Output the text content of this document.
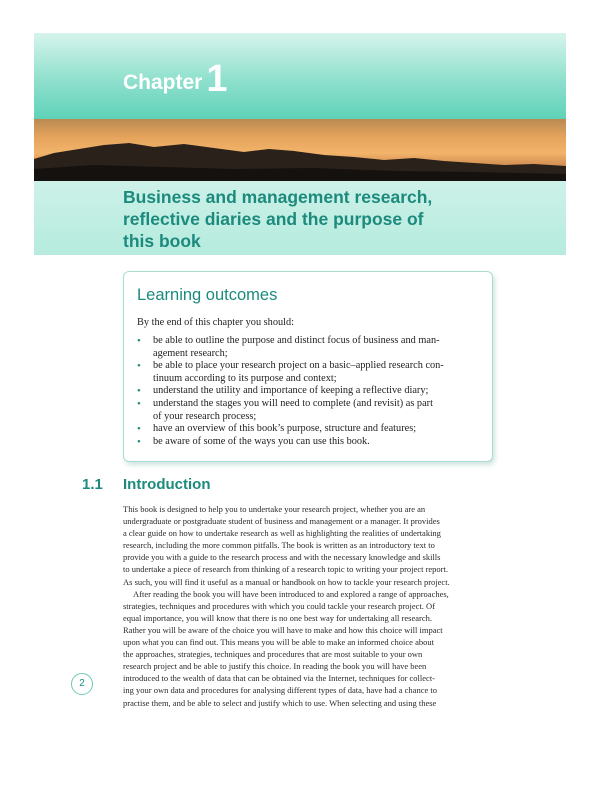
Chapter 1
Business and management research,
reflective diaries and the purpose of
this book
Learning outcomes

By the end of this chapter you should:

• be able to outline the purpose and distinct focus of business and man-
agement research;
• be able to place your research project on a basic–applied research con-
tinuum according to its purpose and context;
• understand the utility and importance of keeping a reflective diary;
• understand the stages you will need to complete (and revisit) as part
of your research process;
• have an overview of this book’s purpose, structure and features;
• be aware of some of the ways you can use this book.
1.1 Introduction
This book is designed to help you to undertake your research project, whether you are an
undergraduate or postgraduate student of business and management or a manager. It provides
a clear guide on how to undertake research as well as highlighting the realities of undertaking
research, including the more common pitfalls. The book is written as an introductory text to
provide you with a guide to the research process and with the necessary knowledge and skills
to undertake a piece of research from thinking of a research topic to writing your project report.
As such, you will find it useful as a manual or handbook on how to tackle your research project.
After reading the book you will have been introduced to and explored a range of approaches,
strategies, techniques and procedures with which you could tackle your research project. Of
equal importance, you will know that there is no one best way for undertaking all research.
Rather you will be aware of the choice you will have to make and how this choice will impact
upon what you can find out. This means you will be able to make an informed choice about
the approaches, strategies, techniques and procedures that are most suitable to your own
research project and be able to justify this choice. In reading the book you will have been
introduced to the wealth of data that can be obtained via the Internet, techniques for collect-
ing your own data and procedures for analysing different types of data, have had a chance to
practise them, and be able to select and justify which to use. When selecting and using these
2
